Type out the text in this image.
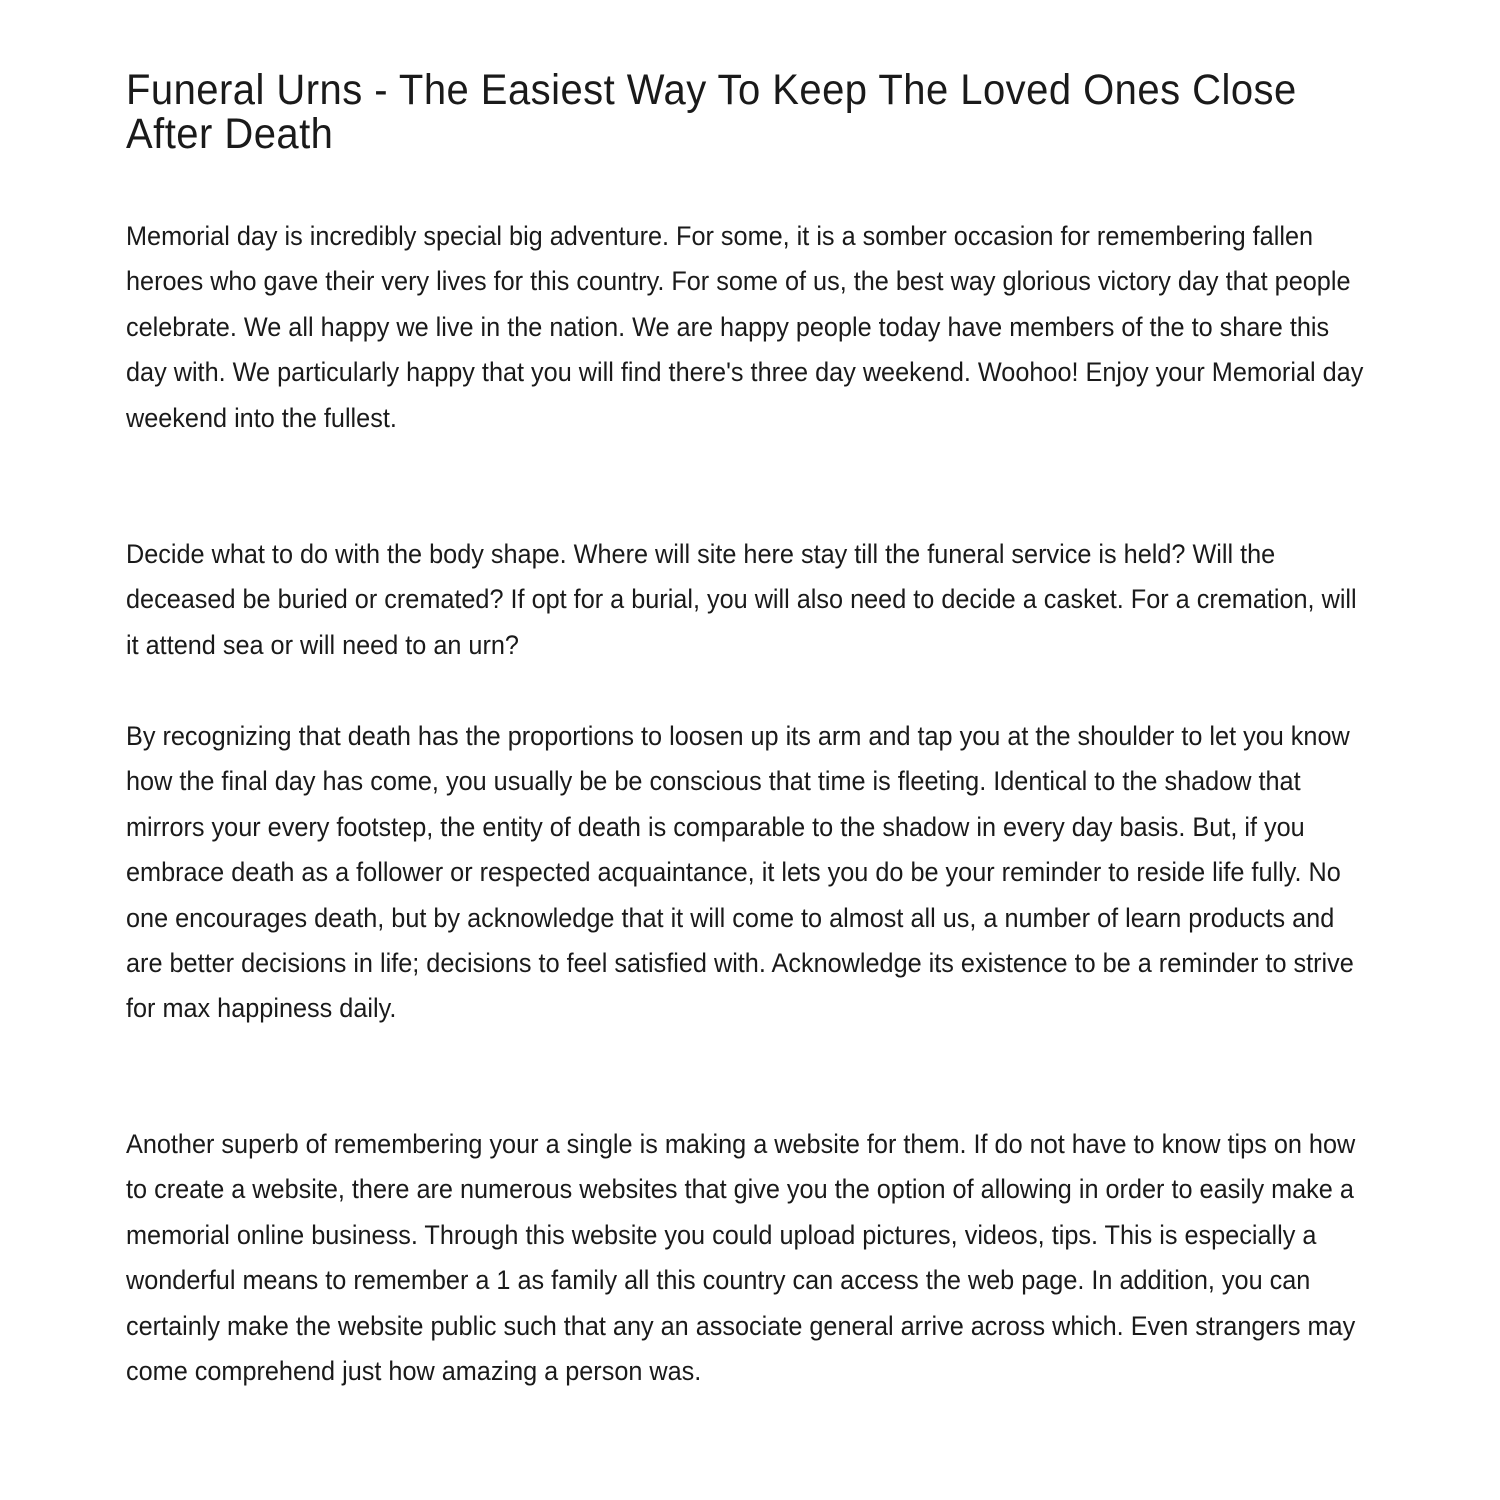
Funeral Urns - The Easiest Way To Keep The Loved Ones Close After Death

Memorial day is incredibly special big adventure. For some, it is a somber occasion for remembering fallen heroes who gave their very lives for this country. For some of us, the best way glorious victory day that people celebrate. We all happy we live in the nation. We are happy people today have members of the to share this day with. We particularly happy that you will find there's three day weekend. Woohoo! Enjoy your Memorial day weekend into the fullest.

Decide what to do with the body shape. Where will site here stay till the funeral service is held? Will the deceased be buried or cremated? If opt for a burial, you will also need to decide a casket. For a cremation, will it attend sea or will need to an urn?

By recognizing that death has the proportions to loosen up its arm and tap you at the shoulder to let you know how the final day has come, you usually be be conscious that time is fleeting. Identical to the shadow that mirrors your every footstep, the entity of death is comparable to the shadow in every day basis. But, if you embrace death as a follower or respected acquaintance, it lets you do be your reminder to reside life fully. No one encourages death, but by acknowledge that it will come to almost all us, a number of learn products and are better decisions in life; decisions to feel satisfied with. Acknowledge its existence to be a reminder to strive for max happiness daily.

Another superb of remembering your a single is making a website for them. If do not have to know tips on how to create a website, there are numerous websites that give you the option of allowing in order to easily make a memorial online business. Through this website you could upload pictures, videos, tips. This is especially a wonderful means to remember a 1 as family all this country can access the web page. In addition, you can certainly make the website public such that any an associate general arrive across which. Even strangers may come comprehend just how amazing a person was.
